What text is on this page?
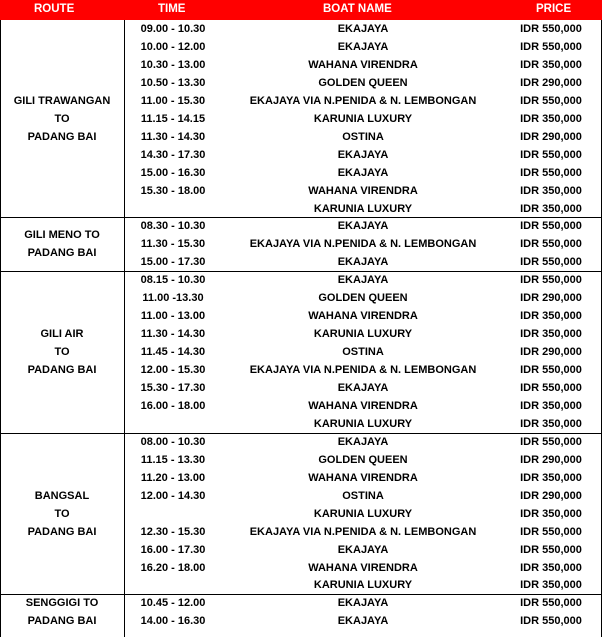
ROUTE	TIME	BOAT NAME	PRICE
GILI TRAWANGAN
TO
PADANG BAI
09.00 - 10.30	EKAJAYA	IDR 550,000
10.00 - 12.00	EKAJAYA	IDR 550,000
10.30 - 13.00	WAHANA VIRENDRA	IDR 350,000
10.50 - 13.30	GOLDEN QUEEN	IDR 290,000
11.00 - 15.30	EKAJAYA VIA N.PENIDA & N. LEMBONGAN	IDR 550,000
11.15 - 14.15	KARUNIA LUXURY	IDR 350,000
11.30 - 14.30	OSTINA	IDR 290,000
14.30 - 17.30	EKAJAYA	IDR 550,000
15.00 - 16.30	EKAJAYA	IDR 550,000
15.30 - 18.00	WAHANA VIRENDRA	IDR 350,000
KARUNIA LUXURY	IDR 350,000
GILI MENO TO
PADANG BAI
08.30 - 10.30	EKAJAYA	IDR 550,000
11.30 - 15.30	EKAJAYA VIA N.PENIDA & N. LEMBONGAN	IDR 550,000
15.00 - 17.30	EKAJAYA	IDR 550,000
GILI AIR
TO
PADANG BAI
08.15 - 10.30	EKAJAYA	IDR 550,000
11.00 -13.30	GOLDEN QUEEN	IDR 290,000
11.00 - 13.00	WAHANA VIRENDRA	IDR 350,000
11.30 - 14.30	KARUNIA LUXURY	IDR 350,000
11.45 - 14.30	OSTINA	IDR 290,000
12.00 - 15.30	EKAJAYA VIA N.PENIDA & N. LEMBONGAN	IDR 550,000
15.30 - 17.30	EKAJAYA	IDR 550,000
16.00 - 18.00	WAHANA VIRENDRA	IDR 350,000
KARUNIA LUXURY	IDR 350,000
BANGSAL
TO
PADANG BAI
08.00 - 10.30	EKAJAYA	IDR 550,000
11.15 - 13.30	GOLDEN QUEEN	IDR 290,000
11.20 - 13.00	WAHANA VIRENDRA	IDR 350,000
12.00 - 14.30	OSTINA	IDR 290,000
KARUNIA LUXURY	IDR 350,000
12.30 - 15.30	EKAJAYA VIA N.PENIDA & N. LEMBONGAN	IDR 550,000
16.00 - 17.30	EKAJAYA	IDR 550,000
16.20 - 18.00	WAHANA VIRENDRA	IDR 350,000
KARUNIA LUXURY	IDR 350,000
SENGGIGI TO
PADANG BAI
10.45 - 12.00	EKAJAYA	IDR 550,000
14.00 - 16.30	EKAJAYA	IDR 550,000
